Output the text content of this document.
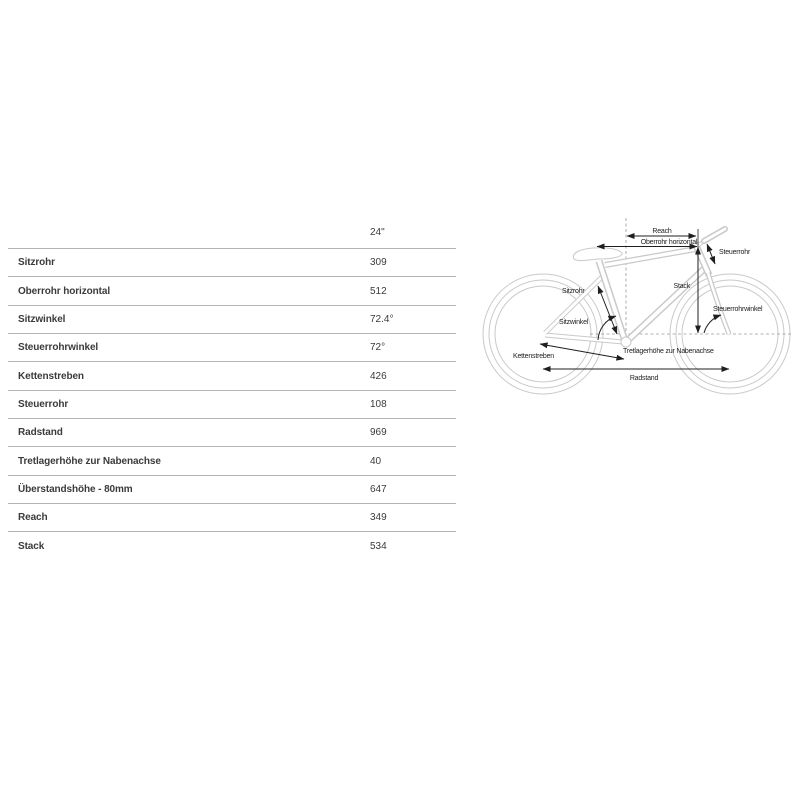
24"
Sitzrohr	309
Oberrohr horizontal	512
Sitzwinkel	72.4°
Steuerrohrwinkel	72°
Kettenstreben	426
Steuerrohr	108
Radstand	969
Tretlagerhöhe zur Nabenachse	40
Überstandshöhe - 80mm	647
Reach	349
Stack	534
Reach
Oberrohr horizontal
Steuerrohr
Sitzrohr
Stack
Sitzwinkel
Steuerrohrwinkel
Tretlagerhöhe zur Nabenachse
Kettenstreben
Radstand
